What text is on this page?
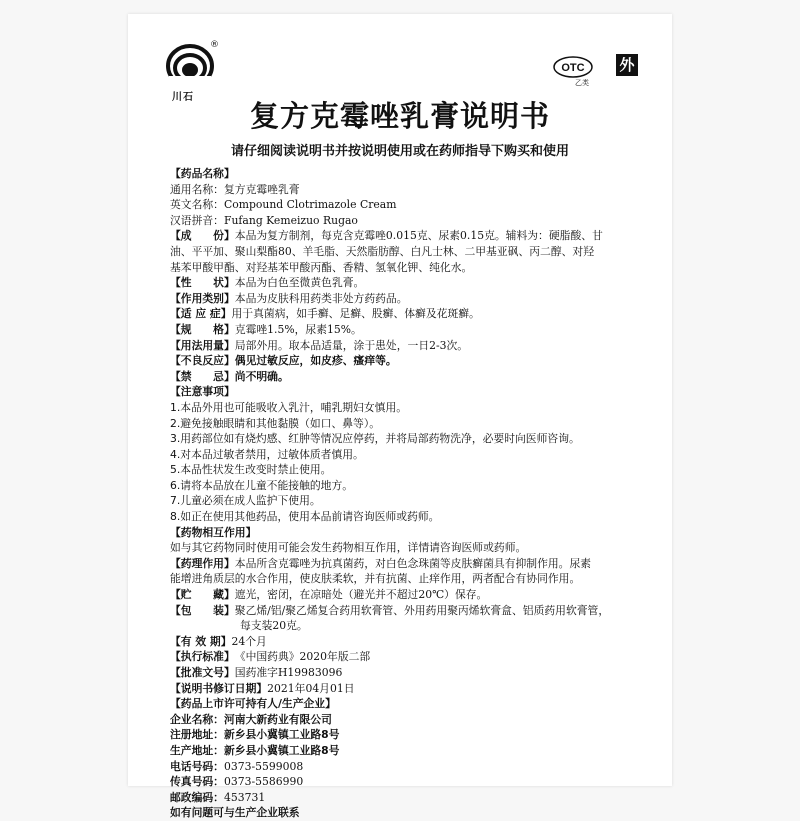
®
川石
OTC
乙类
外
复方克霉唑乳膏说明书
请仔细阅读说明书并按说明使用或在药师指导下购买和使用
【药品名称】
通用名称：复方克霉唑乳膏
英文名称：Compound Clotrimazole Cream
汉语拼音：Fufang Kemeizuo Rugao
【成　　份】本品为复方制剂，每克含克霉唑0.015克、尿素0.15克。辅料为：硬脂酸、甘
油、平平加、聚山梨酯80、羊毛脂、天然脂肪醇、白凡士林、二甲基亚砜、丙二醇、对羟
基苯甲酸甲酯、对羟基苯甲酸丙酯、香精、氢氧化钾、纯化水。
【性　　状】本品为白色至微黄色乳膏。
【作用类别】本品为皮肤科用药类非处方药药品。
【适 应 症】用于真菌病，如手癣、足癣、股癣、体癣及花斑癣。
【规　　格】克霉唑1.5%，尿素15%。
【用法用量】局部外用。取本品适量，涂于患处，一日2-3次。
【不良反应】偶见过敏反应，如皮疹、瘙痒等。
【禁　　忌】尚不明确。
【注意事项】
1.本品外用也可能吸收入乳汁，哺乳期妇女慎用。
2.避免接触眼睛和其他黏膜（如口、鼻等）。
3.用药部位如有烧灼感、红肿等情况应停药，并将局部药物洗净，必要时向医师咨询。
4.对本品过敏者禁用，过敏体质者慎用。
5.本品性状发生改变时禁止使用。
6.请将本品放在儿童不能接触的地方。
7.儿童必须在成人监护下使用。
8.如正在使用其他药品，使用本品前请咨询医师或药师。
【药物相互作用】
如与其它药物同时使用可能会发生药物相互作用，详情请咨询医师或药师。
【药理作用】本品所含克霉唑为抗真菌药，对白色念珠菌等皮肤癣菌具有抑制作用。尿素
能增进角质层的水合作用，使皮肤柔软，并有抗菌、止痒作用，两者配合有协同作用。
【贮　　藏】遮光，密闭，在凉暗处（避光并不超过20℃）保存。
【包　　装】聚乙烯/铝/聚乙烯复合药用软膏管、外用药用聚丙烯软膏盒、铝质药用软膏管，
每支装20克。
【有 效 期】24个月
【执行标准】《中国药典》2020年版二部
【批准文号】国药准字H19983096
【说明书修订日期】2021年04月01日
【药品上市许可持有人/生产企业】
企业名称：河南大新药业有限公司
注册地址：新乡县小冀镇工业路8号
生产地址：新乡县小冀镇工业路8号
电话号码：0373-5599008
传真号码：0373-5586990
邮政编码：453731
如有问题可与生产企业联系
